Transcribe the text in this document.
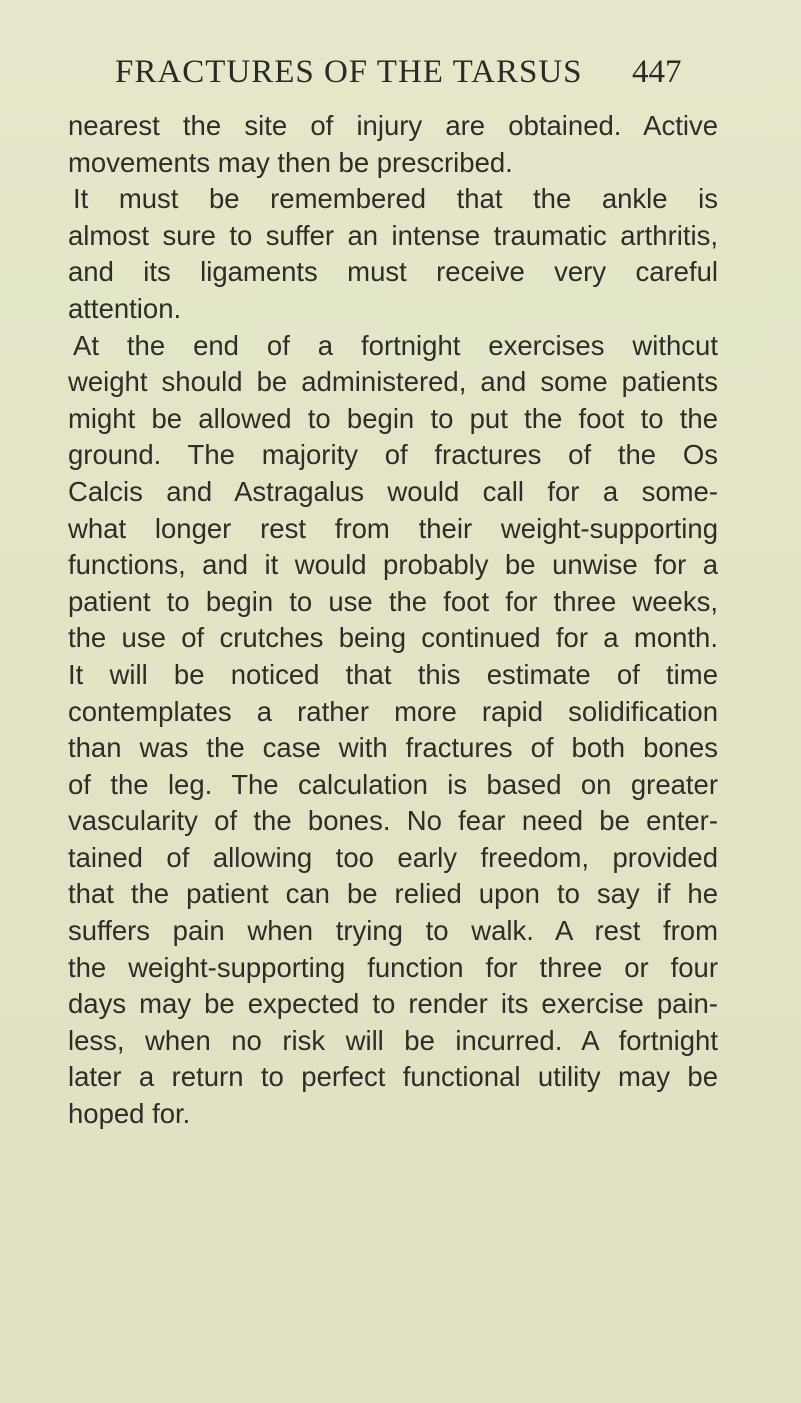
FRACTURES OF THE TARSUS 447
nearest the site of injury are obtained. Active
movements may then be prescribed.
It must be remembered that the ankle is
almost sure to suffer an intense traumatic arthritis,
and its ligaments must receive very careful
attention.
At the end of a fortnight exercises withcut
weight should be administered, and some patients
might be allowed to begin to put the foot to the
ground. The majority of fractures of the Os
Calcis and Astragalus would call for a some-
what longer rest from their weight-supporting
functions, and it would probably be unwise for a
patient to begin to use the foot for three weeks,
the use of crutches being continued for a month.
It will be noticed that this estimate of time
contemplates a rather more rapid solidification
than was the case with fractures of both bones
of the leg. The calculation is based on greater
vascularity of the bones. No fear need be enter-
tained of allowing too early freedom, provided
that the patient can be relied upon to say if he
suffers pain when trying to walk. A rest from
the weight-supporting function for three or four
days may be expected to render its exercise pain-
less, when no risk will be incurred. A fortnight
later a return to perfect functional utility may be
hoped for.
